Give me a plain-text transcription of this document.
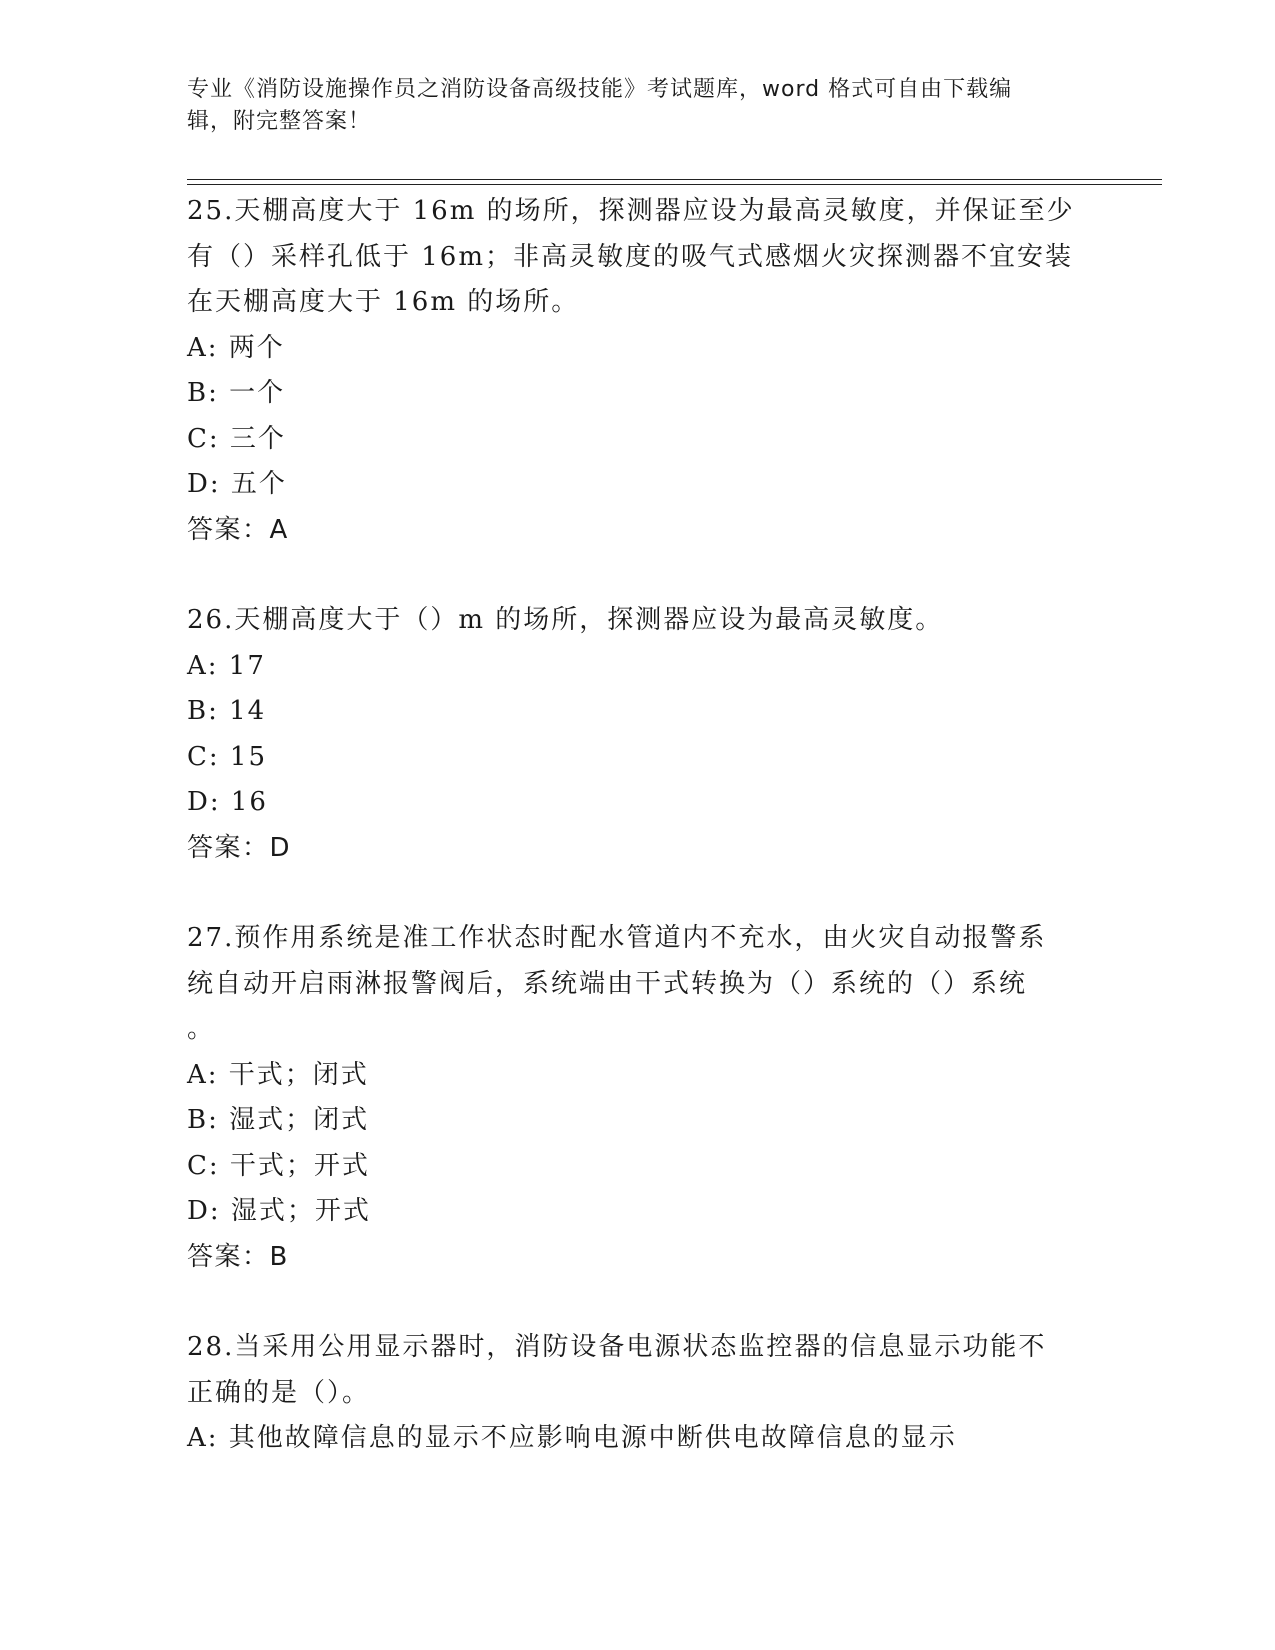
专业《消防设施操作员之消防设备高级技能》考试题库，word 格式可自由下载编
辑，附完整答案！
25.天棚高度大于 16m 的场所，探测器应设为最高灵敏度，并保证至少
有（）采样孔低于 16m；非高灵敏度的吸气式感烟火灾探测器不宜安装
在天棚高度大于 16m 的场所。
A: 两个
B: 一个
C: 三个
D: 五个
答案：A
26.天棚高度大于（）m 的场所，探测器应设为最高灵敏度。
A: 17
B: 14
C: 15
D: 16
答案：D
27.预作用系统是准工作状态时配水管道内不充水，由火灾自动报警系
统自动开启雨淋报警阀后，系统端由干式转换为（）系统的（）系统
。
A: 干式；闭式
B: 湿式；闭式
C: 干式；开式
D: 湿式；开式
答案：B
28.当采用公用显示器时，消防设备电源状态监控器的信息显示功能不
正确的是（）。
A: 其他故障信息的显示不应影响电源中断供电故障信息的显示
